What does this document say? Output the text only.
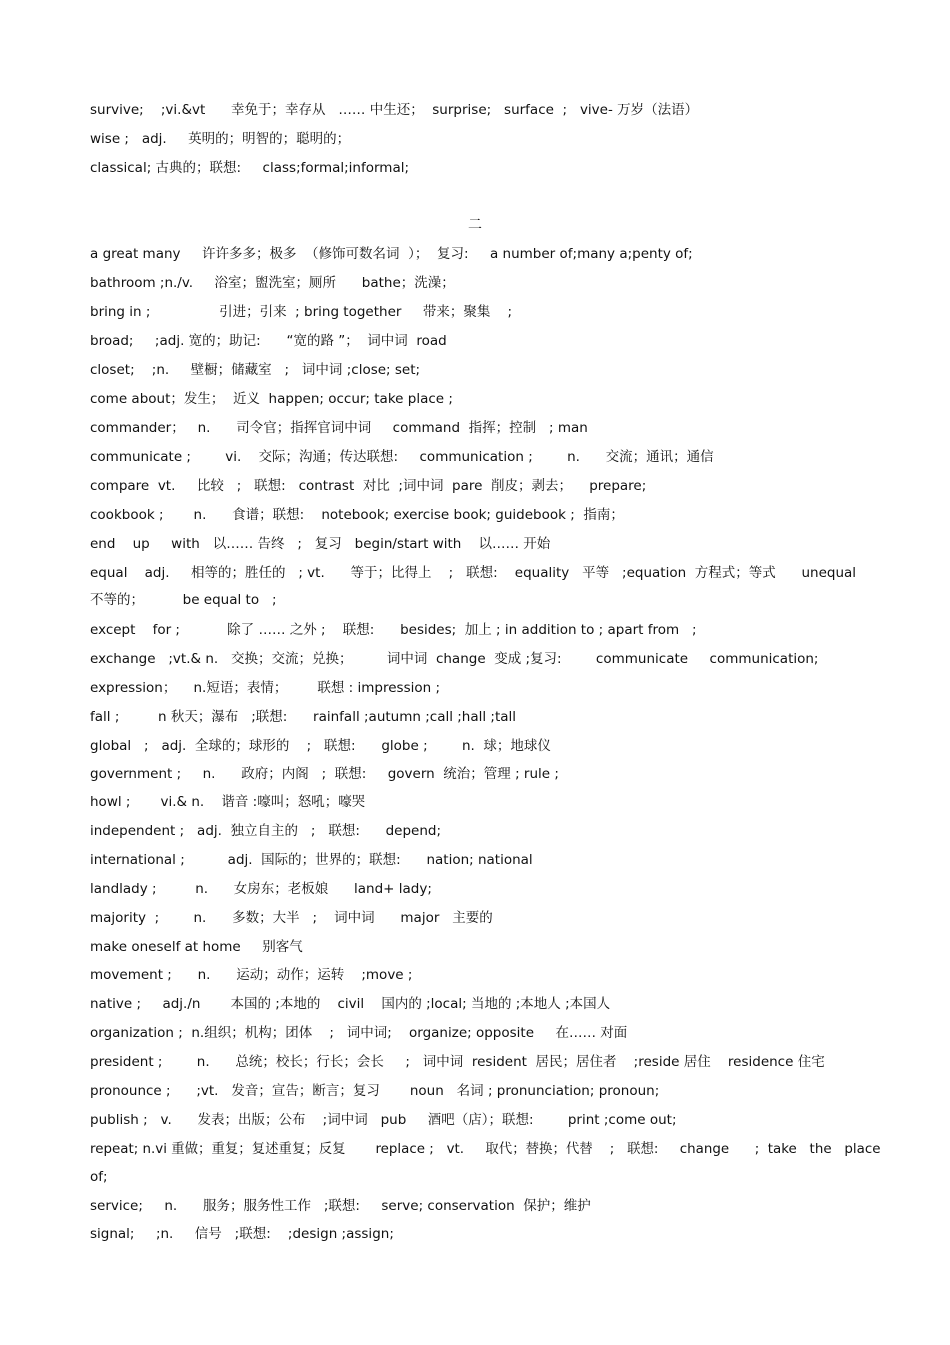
survive;    ;vi.&vt      幸免于；幸存从   …… 中生还；  surprise;   surface  ;   vive- 万岁（法语）
wise ;   adj.     英明的；明智的；聪明的；
classical; 古典的；联想:     class;formal;informal;
二
a great many     许许多多；极多  （修饰可数名词  ）；  复习:     a number of;many a;penty of;
bathroom ;n./v.     浴室；盥洗室；厕所      bathe；洗澡；
bring in ;                引进；引来  ; bring together     带来；聚集    ;
broad;     ;adj. 宽的；助记:      “宽的路 ”；  词中词  road
closet;    ;n.     壁橱；储藏室   ;   词中词 ;close; set;
come about；发生；  近义  happen; occur; take place ;
commander；   n.      司令官；指挥官词中词     command  指挥；控制   ; man
communicate ;        vi.    交际；沟通；传达联想:     communication ;        n.      交流；通讯；通信
compare  vt.     比较   ;   联想:   contrast  对比  ;词中词  pare  削皮；剥去；    prepare;
cookbook ;       n.      食谱；联想:    notebook; exercise book; guidebook ;  指南；
end    up     with   以…… 告终   ;   复习   begin/start with    以…… 开始
equal    adj.     相等的；胜任的   ; vt.      等于；比得上    ;   联想:    equality   平等   ;equation  方程式；等式      unequal
不等的；         be equal to   ;
except    for ;           除了 …… 之外 ;    联想:      besides;  加上 ; in addition to ; apart from   ;
exchange   ;vt.& n.   交换；交流；兑换；        词中词  change  变成 ;复习:        communicate     communication;
expression；    n.短语；表情；       联想 : impression ;
fall ;         n 秋天；瀑布   ;联想:      rainfall ;autumn ;call ;hall ;tall
global   ;   adj.  全球的；球形的    ;   联想:      globe ;        n.  球；地球仪
government ;     n.      政府；内阁   ;  联想:     govern  统治；管理 ; rule ;
howl ;       vi.& n.    谐音 :嚎叫；怒吼；嚎哭
independent ;   adj.  独立自主的   ;   联想:      depend;
international ;          adj.  国际的；世界的；联想:      nation; national
landlady ;         n.      女房东；老板娘      land+ lady;
majority  ;        n.      多数；大半   ;    词中词      major   主要的
make oneself at home     别客气
movement ;      n.      运动；动作；运转    ;move ;
native ;     adj./n       本国的 ;本地的    civil    国内的 ;local; 当地的 ;本地人 ;本国人
organization ;  n.组织；机构；团体    ;   词中词;    organize; opposite     在…… 对面
president ;        n.      总统；校长；行长；会长     ;   词中词  resident  居民；居住者    ;reside 居住    residence 住宅
pronounce ;      ;vt.   发音；宣告；断言；复习       noun   名词 ; pronunciation; pronoun;
publish ;   v.      发表；出版；公布    ;词中词   pub     酒吧（店）；联想:        print ;come out;
repeat; n.vi 重做；重复；复述重复；反复       replace ;   vt.     取代；替换；代替    ;   联想:     change      ;  take   the   place
of;
service;     n.      服务；服务性工作   ;联想:     serve; conservation  保护；维护
signal;     ;n.     信号   ;联想:    ;design ;assign;
